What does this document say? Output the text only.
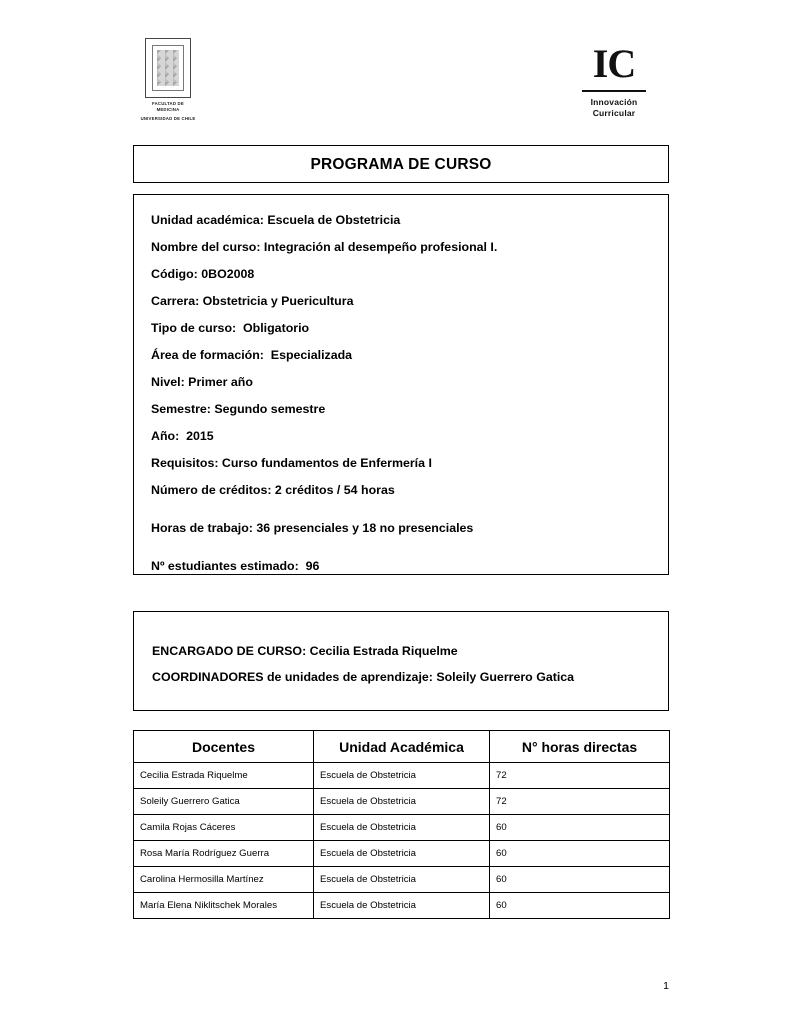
FACULTAD DE MEDICINA
UNIVERSIDAD DE CHILE
IC
Innovación
Curricular
PROGRAMA DE CURSO
Unidad académica: Escuela de Obstetricia
Nombre del curso: Integración al desempeño profesional I.
Código: 0BO2008
Carrera: Obstetricia y Puericultura
Tipo de curso:  Obligatorio
Área de formación:  Especializada
Nivel: Primer año
Semestre: Segundo semestre
Año:  2015
Requisitos: Curso fundamentos de Enfermería I
Número de créditos: 2 créditos / 54 horas
Horas de trabajo: 36 presenciales y 18 no presenciales
Nº estudiantes estimado:  96
ENCARGADO DE CURSO: Cecilia Estrada Riquelme
COORDINADORES de unidades de aprendizaje: Soleily Guerrero Gatica
Docentes	Unidad Académica	N° horas directas
Cecilia Estrada Riquelme	Escuela de Obstetricia	72
Soleily Guerrero Gatica	Escuela de Obstetricia	72
Camila Rojas Cáceres	Escuela de Obstetricia	60
Rosa María Rodríguez Guerra	Escuela de Obstetricia	60
Carolina Hermosilla Martínez	Escuela de Obstetricia	60
María Elena Niklitschek Morales	Escuela de Obstetricia	60
1
